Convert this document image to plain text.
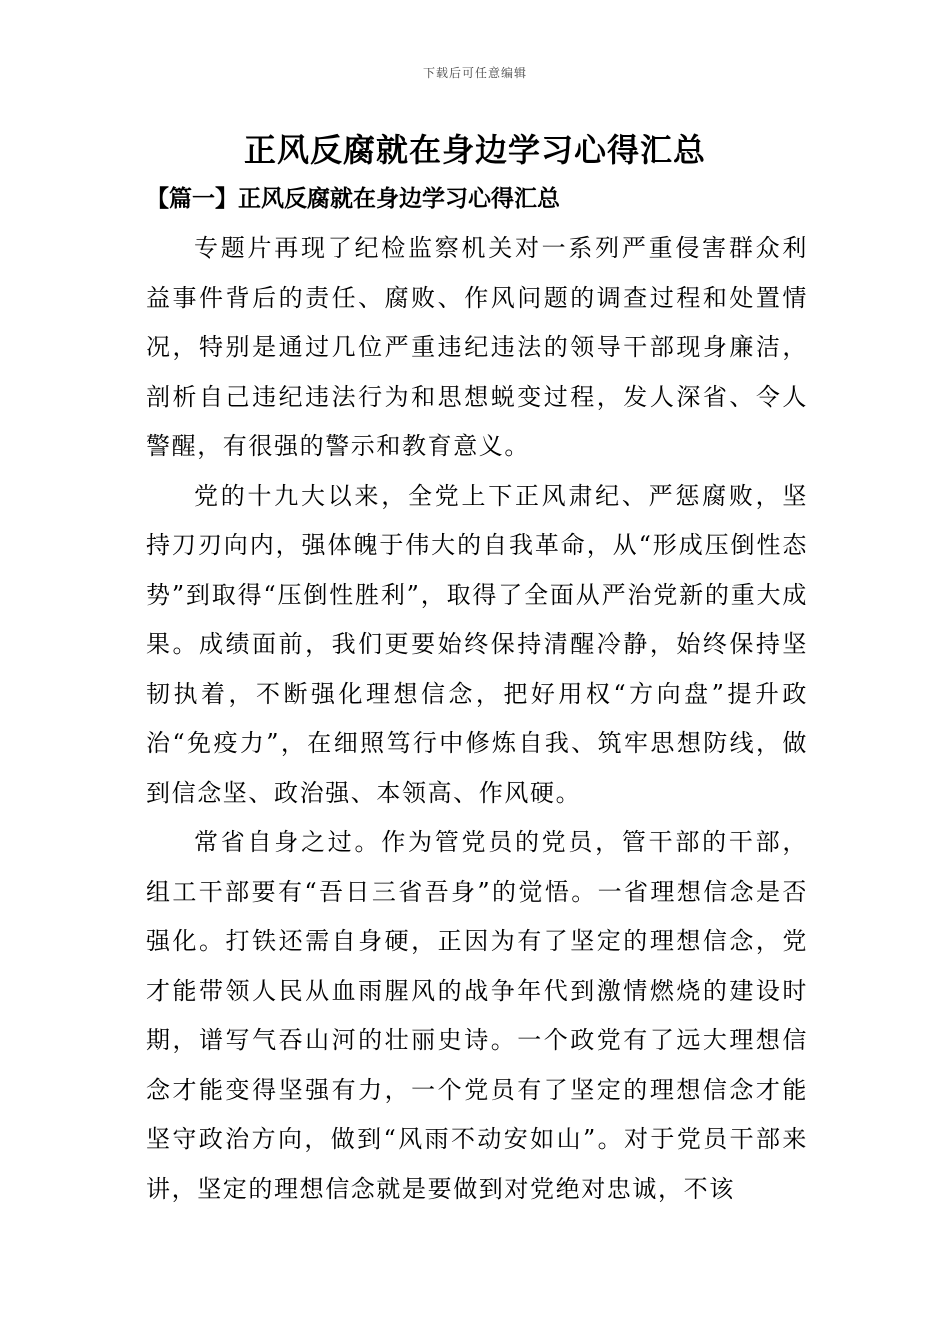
下载后可任意编辑
正风反腐就在身边学习心得汇总
【篇一】正风反腐就在身边学习心得汇总

专题片再现了纪检监察机关对一系列严重侵害群众利益事件背后的责任、腐败、作风问题的调查过程和处置情况，特别是通过几位严重违纪违法的领导干部现身廉洁，剖析自己违纪违法行为和思想蜕变过程，发人深省、令人警醒，有很强的警示和教育意义。

党的十九大以来，全党上下正风肃纪、严惩腐败，坚持刀刃向内，强体魄于伟大的自我革命，从“形成压倒性态势”到取得“压倒性胜利”，取得了全面从严治党新的重大成果。成绩面前，我们更要始终保持清醒冷静，始终保持坚韧执着，不断强化理想信念，把好用权“方向盘”提升政治“免疫力”，在细照笃行中修炼自我、筑牢思想防线，做到信念坚、政治强、本领高、作风硬。

常省自身之过。作为管党员的党员，管干部的干部，组工干部要有“吾日三省吾身”的觉悟。一省理想信念是否强化。打铁还需自身硬，正因为有了坚定的理想信念，党才能带领人民从血雨腥风的战争年代到激情燃烧的建设时期，谱写气吞山河的壮丽史诗。一个政党有了远大理想信念才能变得坚强有力，一个党员有了坚定的理想信念才能坚守政治方向，做到“风雨不动安如山”。对于党员干部来讲，坚定的理想信念就是要做到对党绝对忠诚，不该
